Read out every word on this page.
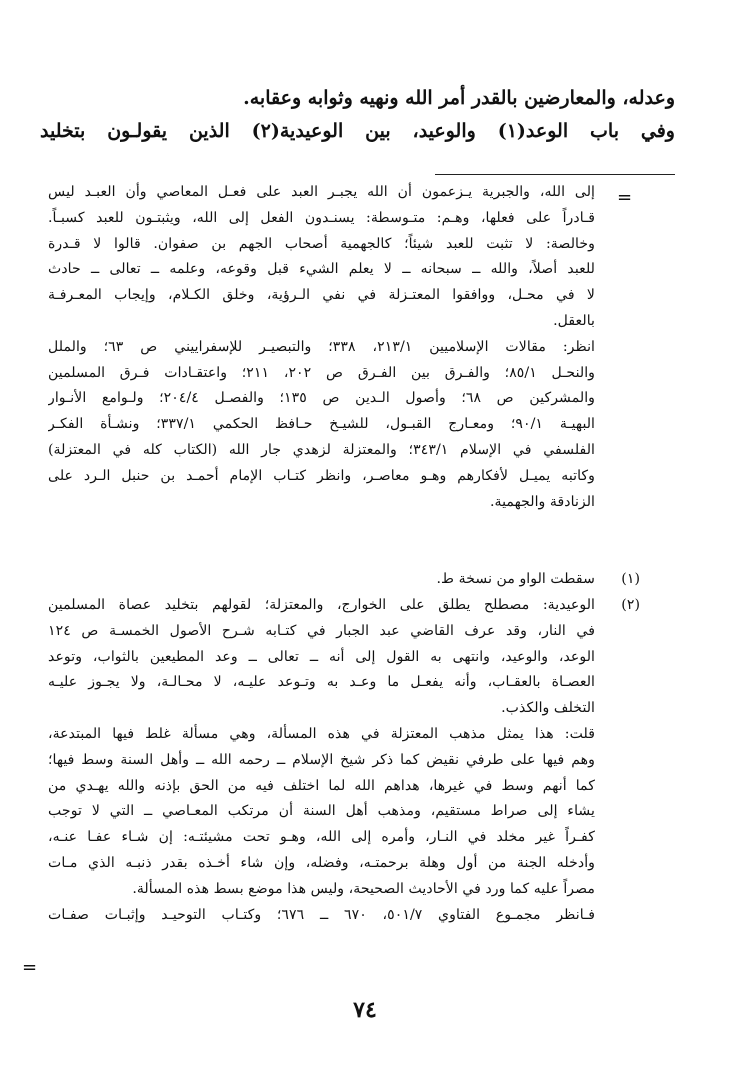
وعدله، والمعارضين بالقدر أمر الله ونهيه وثوابه وعقابه.
وفي باب الوعد(١) والوعيد، بين الوعيدية(٢) الذين يقولـون بتخليد
=
إلى الله، والجبرية يـزعمون أن الله يجبـر العبد على فعـل المعاصي وأن العبـد ليس
قـادراً على فعلها، وهـم: متـوسطة: يسنـدون الفعل إلى الله، ويثبتـون للعبد كسبـاً.
وخالصة: لا تثبت للعبد شيئاً؛ كالجهمية أصحاب الجهم بن صفوان. قالوا لا قـدرة
للعبد أصلاً، والله ــ سبحانه ــ لا يعلم الشيء قبل وقوعه، وعلمه ــ تعالى ــ حادث
لا في محـل، ووافقوا المعتـزلة في نفي الـرؤية، وخلق الكـلام، وإيجاب المعـرفـة
بالعقل.
انظر: مقالات الإسلاميين ٢١٣/١، ٣٣٨؛ والتبصيـر للإسفراييني ص ٦٣؛ والملل
والنحـل ٨٥/١؛ والفـرق بين الفـرق ص ٢٠٢، ٢١١؛ واعتقـادات فـرق المسلمين
والمشركين ص ٦٨؛ وأصول الـدين ص ١٣٥؛ والفصـل ٢٠٤/٤؛ ولـوامع الأنـوار
البهيـة ٩٠/١؛ ومعـارج القبـول، للشيـخ حـافظ الحكمي ٣٣٧/١؛ ونشـأة الفكـر
الفلسفي في الإسلام ٣٤٣/١؛ والمعتزلة لزهدي جار الله (الكتاب كله في المعتزلة)
وكاتبه يميـل لأفكارهم وهـو معاصـر، وانظر كتـاب الإمام أحمـد بن حنبل الـرد على
الزنادقة والجهمية.
(١)
سقطت الواو من نسخة ط.
(٢)
الوعيدية: مصطلح يطلق على الخوارج، والمعتزلة؛ لقولهم بتخليد عصاة المسلمين
في النار، وقد عرف القاضي عبد الجبار في كتـابه شـرح الأصول الخمسـة ص ١٢٤
الوعد، والوعيد، وانتهى به القول إلى أنه ــ تعالى ــ وعد المطيعين بالثواب، وتوعد
العصـاة بالعقـاب، وأنه يفعـل ما وعـد به وتـوعد عليـه، لا محـالـة، ولا يجـوز عليـه
التخلف والكذب.
قلت: هذا يمثل مذهب المعتزلة في هذه المسألة، وهي مسألة غلط فيها المبتدعة،
وهم فيها على طرفي نقيض كما ذكر شيخ الإسلام ــ رحمه الله ــ وأهل السنة وسط فيها؛
كما أنهم وسط في غيرها، هداهم الله لما اختلف فيه من الحق بإذنه والله يهـدي من
يشاء إلى صراط مستقيم، ومذهب أهل السنة أن مرتكب المعـاصي ــ التي لا توجب
كفـراً غير مخلد في النـار، وأمره إلى الله، وهـو تحت مشيئتـه: إن شـاء عفـا عنـه،
وأدخله الجنة من أول وهلة برحمتـه، وفضله، وإن شاء أخـذه بقدر ذنبـه الذي مـات
مصراً عليه كما ورد في الأحاديث الصحيحة، وليس هذا موضع بسط هذه المسألة.
فـانظر مجمـوع الفتاوي ٥٠١/٧، ٦٧٠ ــ ٦٧٦؛ وكتـاب التوحيـد وإثبـات صفـات
=
٧٤
